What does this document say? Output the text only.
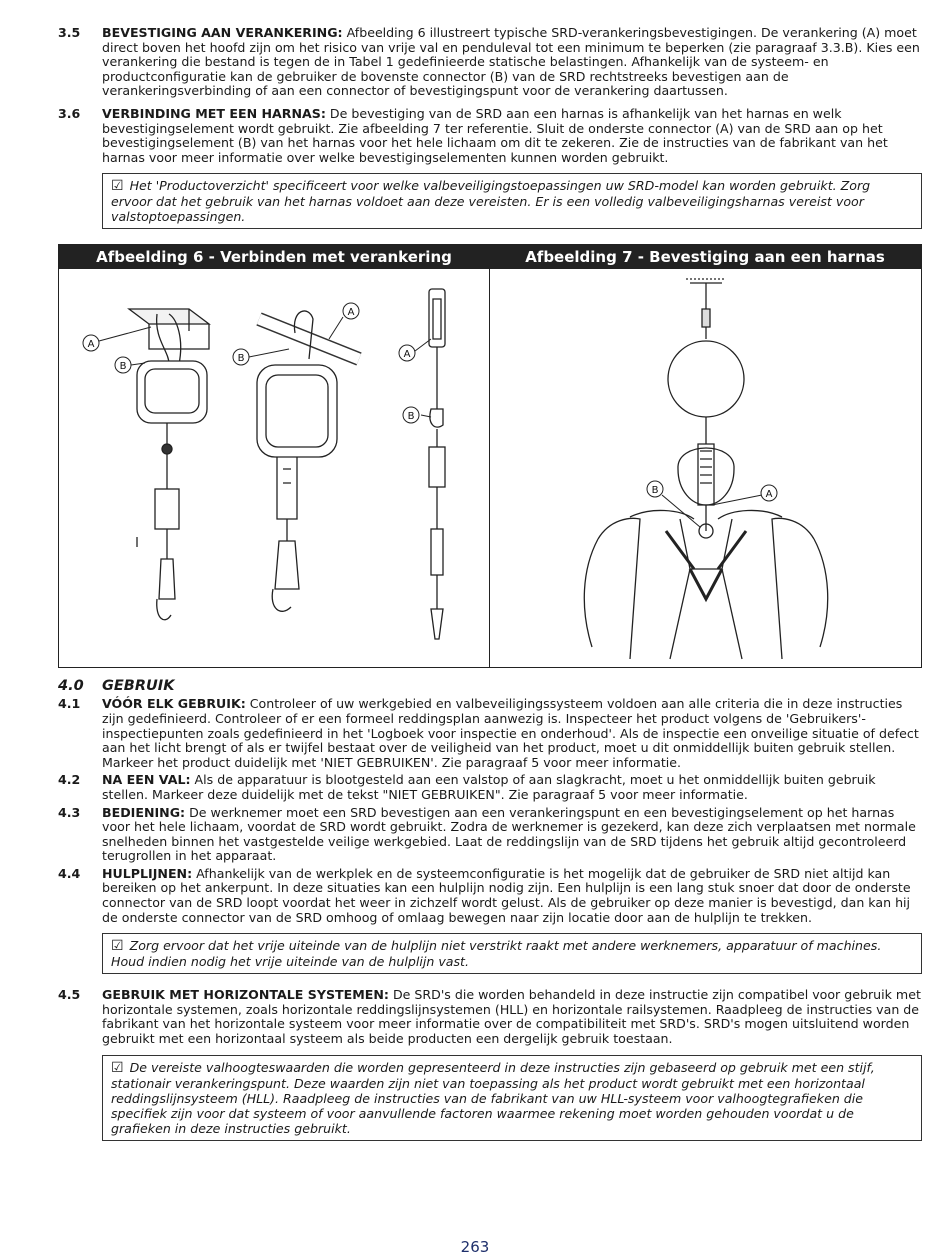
3.5	BEVESTIGING AAN VERANKERING: Afbeelding 6 illustreert typische SRD-verankeringsbevestigingen. De verankering (A) moet direct boven het hoofd zijn om het risico van vrije val en penduleval tot een minimum te beperken (zie paragraaf 3.3.B). Kies een verankering die bestand is tegen de in Tabel 1 gedefinieerde statische belastingen. Afhankelijk van de systeem- en productconfiguratie kan de gebruiker de bovenste connector (B) van de SRD rechtstreeks bevestigen aan de verankeringsverbinding of aan een connector of bevestigingspunt voor de verankering daartussen.
3.6	VERBINDING MET EEN HARNAS: De bevestiging van de SRD aan een harnas is afhankelijk van het harnas en welk bevestigingselement wordt gebruikt. Zie afbeelding 7 ter referentie. Sluit de onderste connector (A) van de SRD aan op het bevestigingselement (B) van het harnas voor het hele lichaam om dit te zekeren. Zie de instructies van de fabrikant van het harnas voor meer informatie over welke bevestigingselementen kunnen worden gebruikt.
☑ Het 'Productoverzicht' specificeert voor welke valbeveiligingstoepassingen uw SRD-model kan worden gebruikt. Zorg ervoor dat het gebruik van het harnas voldoet aan deze vereisten. Er is een volledig valbeveiligingsharnas vereist voor valstoptoepassingen.
Afbeelding 6 - Verbinden met verankering	Afbeelding 7 - Bevestiging aan een harnas
A
B
B
A
A
B
B	A
4.0	GEBRUIK
4.1	VÓÓR ELK GEBRUIK: Controleer of uw werkgebied en valbeveiligingssysteem voldoen aan alle criteria die in deze instructies zijn gedefinieerd. Controleer of er een formeel reddingsplan aanwezig is. Inspecteer het product volgens de 'Gebruikers'-inspectiepunten zoals gedefinieerd in het 'Logboek voor inspectie en onderhoud'. Als de inspectie een onveilige situatie of defect aan het licht brengt of als er twijfel bestaat over de veiligheid van het product, moet u dit onmiddellijk buiten gebruik stellen. Markeer het product duidelijk met 'NIET GEBRUIKEN'. Zie paragraaf 5 voor meer informatie.
4.2	NA EEN VAL: Als de apparatuur is blootgesteld aan een valstop of aan slagkracht, moet u het onmiddellijk buiten gebruik stellen. Markeer deze duidelijk met de tekst "NIET GEBRUIKEN". Zie paragraaf 5 voor meer informatie.
4.3	BEDIENING: De werknemer moet een SRD bevestigen aan een verankeringspunt en een bevestigingselement op het harnas voor het hele lichaam, voordat de SRD wordt gebruikt. Zodra de werknemer is gezekerd, kan deze zich verplaatsen met normale snelheden binnen het vastgestelde veilige werkgebied. Laat de reddingslijn van de SRD tijdens het gebruik altijd gecontroleerd terugrollen in het apparaat.
4.4	HULPLIJNEN: Afhankelijk van de werkplek en de systeemconfiguratie is het mogelijk dat de gebruiker de SRD niet altijd kan bereiken op het ankerpunt. In deze situaties kan een hulplijn nodig zijn. Een hulplijn is een lang stuk snoer dat door de onderste connector van de SRD loopt voordat het weer in zichzelf wordt gelust. Als de gebruiker op deze manier is bevestigd, dan kan hij de onderste connector van de SRD omhoog of omlaag bewegen naar zijn locatie door aan de hulplijn te trekken.
☑ Zorg ervoor dat het vrije uiteinde van de hulplijn niet verstrikt raakt met andere werknemers, apparatuur of machines. Houd indien nodig het vrije uiteinde van de hulplijn vast.
4.5	GEBRUIK MET HORIZONTALE SYSTEMEN: De SRD's die worden behandeld in deze instructie zijn compatibel voor gebruik met horizontale systemen, zoals horizontale reddingslijnsystemen (HLL) en horizontale railsystemen. Raadpleeg de instructies van de fabrikant van het horizontale systeem voor meer informatie over de compatibiliteit met SRD's. SRD's mogen uitsluitend worden gebruikt met een horizontaal systeem als beide producten een dergelijk gebruik toestaan.
☑ De vereiste valhoogteswaarden die worden gepresenteerd in deze instructies zijn gebaseerd op gebruik met een stijf, stationair verankeringspunt. Deze waarden zijn niet van toepassing als het product wordt gebruikt met een horizontaal reddingslijnsysteem (HLL). Raadpleeg de instructies van de fabrikant van uw HLL-systeem voor valhoogtegrafieken die specifiek zijn voor dat systeem of voor aanvullende factoren waarmee rekening moet worden gehouden voordat u de grafieken in deze instructies gebruikt.
263
